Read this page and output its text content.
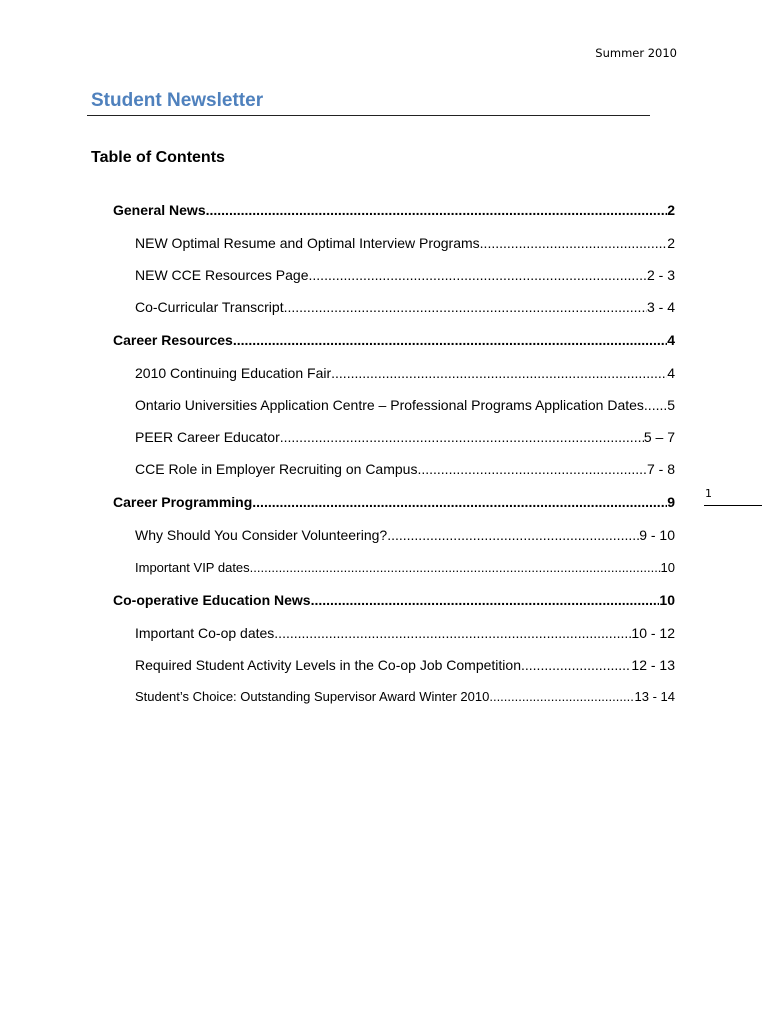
Summer 2010
Student Newsletter
Table of Contents
General News .....	2
NEW Optimal Resume and Optimal Interview Programs .....	2
NEW CCE Resources Page .....	2 - 3
Co-Curricular Transcript .....	3 - 4
Career Resources .....	4
2010 Continuing Education Fair .....	4
Ontario Universities Application Centre – Professional Programs Application Dates ..... 5
PEER Career Educator .....	5 – 7
CCE Role in Employer Recruiting on Campus .....	7 - 8
Career Programming .....	9
Why Should You Consider Volunteering? .....	9 - 10
Important VIP dates .....	10
Co-operative Education News .....	10
Important Co-op dates .....	10 - 12
Required Student Activity Levels in the Co-op Job Competition .....	12 - 13
Student’s Choice: Outstanding Supervisor Award Winter 2010 .....	13 - 14
1
